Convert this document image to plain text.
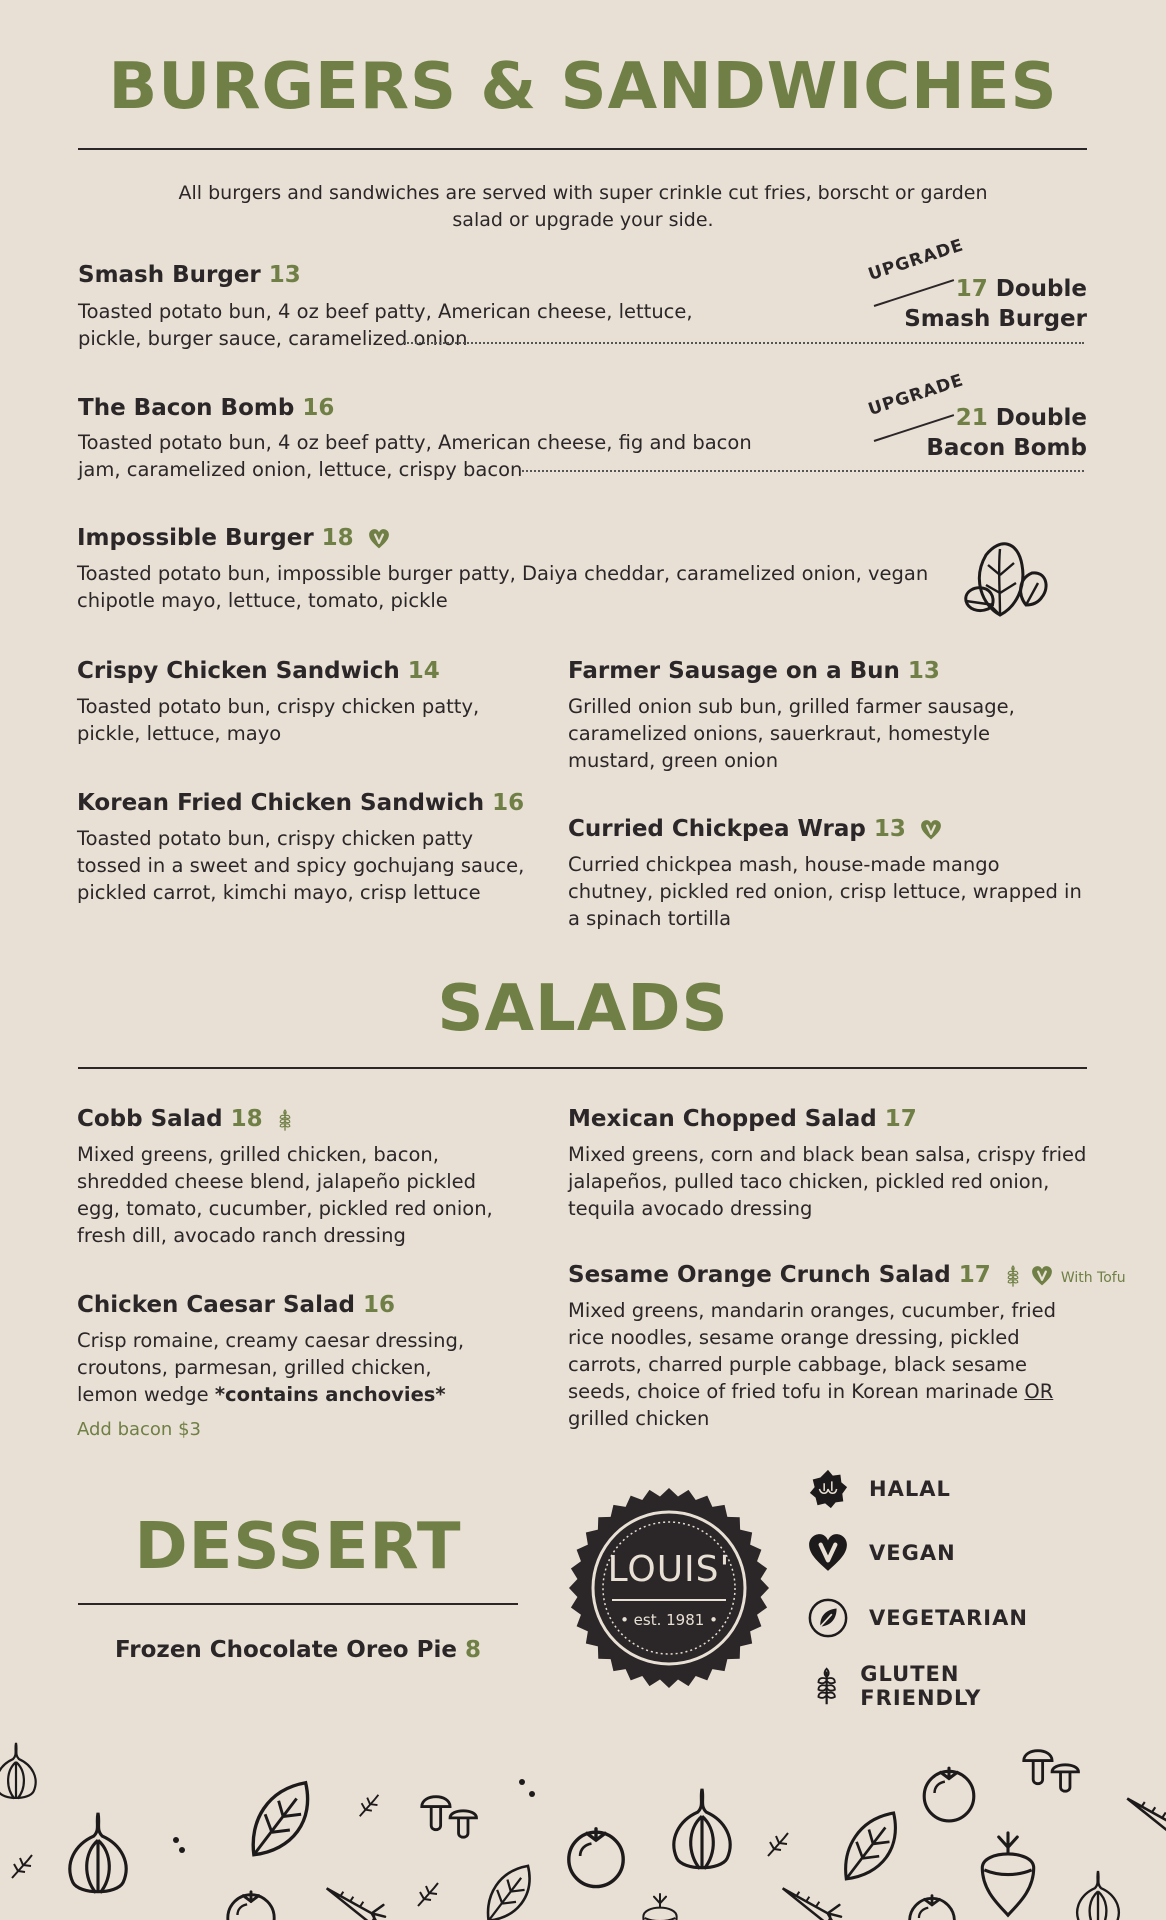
BURGERS & SANDWICHES
All burgers and sandwiches are served with super crinkle cut fries, borscht or garden salad or upgrade your side.
Smash Burger 13
Toasted potato bun, 4 oz beef patty, American cheese, lettuce, pickle, burger sauce, caramelized onion
UPGRADE
17 Double Smash Burger
The Bacon Bomb 16
Toasted potato bun, 4 oz beef patty, American cheese, fig and bacon jam, caramelized onion, lettuce, crispy bacon
UPGRADE
21 Double Bacon Bomb
Impossible Burger 18
Toasted potato bun, impossible burger patty, Daiya cheddar, caramelized onion, vegan chipotle mayo, lettuce, tomato, pickle
Crispy Chicken Sandwich 14
Toasted potato bun, crispy chicken patty, pickle, lettuce, mayo
Farmer Sausage on a Bun 13
Grilled onion sub bun, grilled farmer sausage, caramelized onions, sauerkraut, homestyle mustard, green onion
Korean Fried Chicken Sandwich 16
Toasted potato bun, crispy chicken patty tossed in a sweet and spicy gochujang sauce, pickled carrot, kimchi mayo, crisp lettuce
Curried Chickpea Wrap 13
Curried chickpea mash, house-made mango chutney, pickled red onion, crisp lettuce, wrapped in a spinach tortilla
SALADS
Cobb Salad 18
Mixed greens, grilled chicken, bacon, shredded cheese blend, jalapeño pickled egg, tomato, cucumber, pickled red onion, fresh dill, avocado ranch dressing
Mexican Chopped Salad 17
Mixed greens, corn and black bean salsa, crispy fried jalapeños, pulled taco chicken, pickled red onion, tequila avocado dressing
Chicken Caesar Salad 16
Crisp romaine, creamy caesar dressing, croutons, parmesan, grilled chicken, lemon wedge *contains anchovies*
Add bacon $3
Sesame Orange Crunch Salad 17	With Tofu
Mixed greens, mandarin oranges, cucumber, fried rice noodles, sesame orange dressing, pickled carrots, charred purple cabbage, black sesame seeds, choice of fried tofu in Korean marinade OR grilled chicken
DESSERT
Frozen Chocolate Oreo Pie 8
LOUIS'
• est. 1981 •
HALAL
VEGAN
VEGETARIAN
GLUTEN FRIENDLY
